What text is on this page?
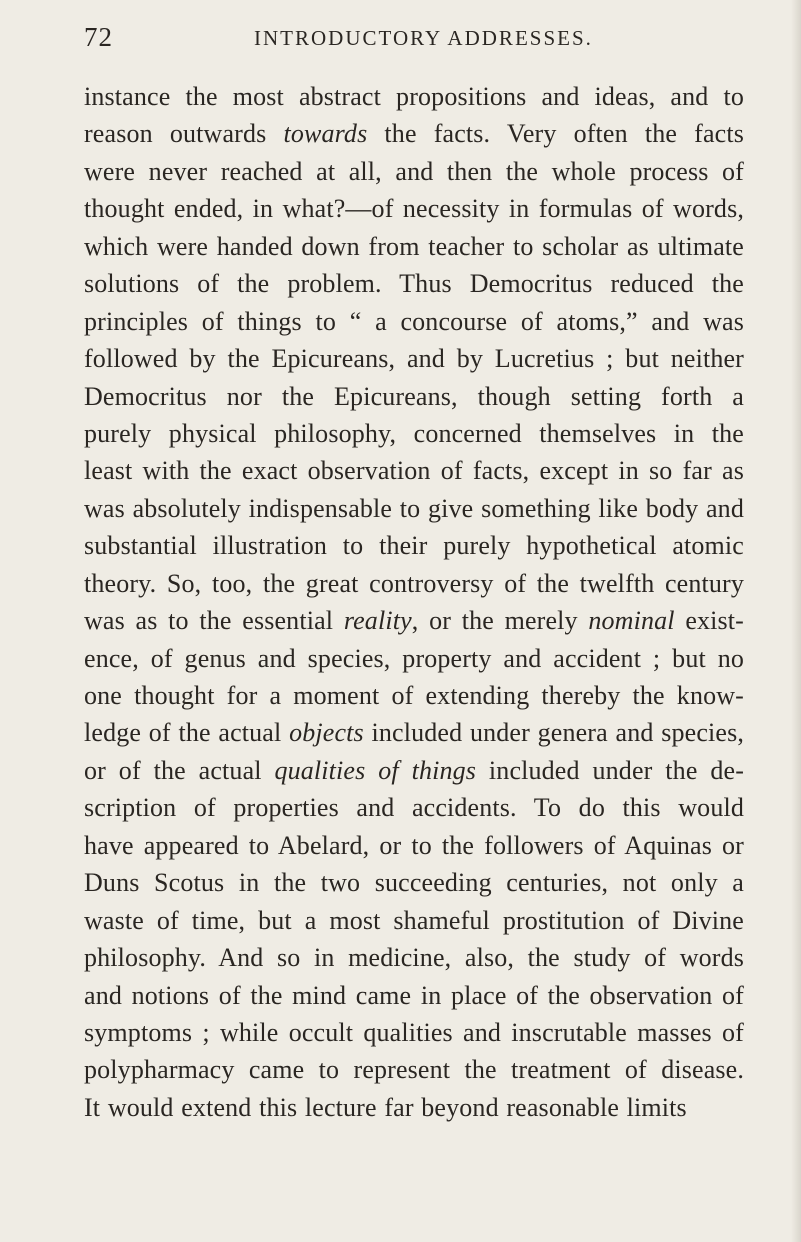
72	INTRODUCTORY ADDRESSES.
instance the most abstract propositions and ideas, and to
reason outwards towards the facts. Very often the facts
were never reached at all, and then the whole process of
thought ended, in what?—of necessity in formulas of words,
which were handed down from teacher to scholar as ultimate
solutions of the problem. Thus Democritus reduced the
principles of things to “ a concourse of atoms,” and was
followed by the Epicureans, and by Lucretius ; but neither
Democritus nor the Epicureans, though setting forth a
purely physical philosophy, concerned themselves in the
least with the exact observation of facts, except in so far as
was absolutely indispensable to give something like body and
substantial illustration to their purely hypothetical atomic
theory. So, too, the great controversy of the twelfth century
was as to the essential reality, or the merely nominal exist-
ence, of genus and species, property and accident ; but no
one thought for a moment of extending thereby the know-
ledge of the actual objects included under genera and species,
or of the actual qualities of things included under the de-
scription of properties and accidents. To do this would
have appeared to Abelard, or to the followers of Aquinas or
Duns Scotus in the two succeeding centuries, not only a
waste of time, but a most shameful prostitution of Divine
philosophy. And so in medicine, also, the study of words
and notions of the mind came in place of the observation of
symptoms ; while occult qualities and inscrutable masses of
polypharmacy came to represent the treatment of disease.
It would extend this lecture far beyond reasonable limits
